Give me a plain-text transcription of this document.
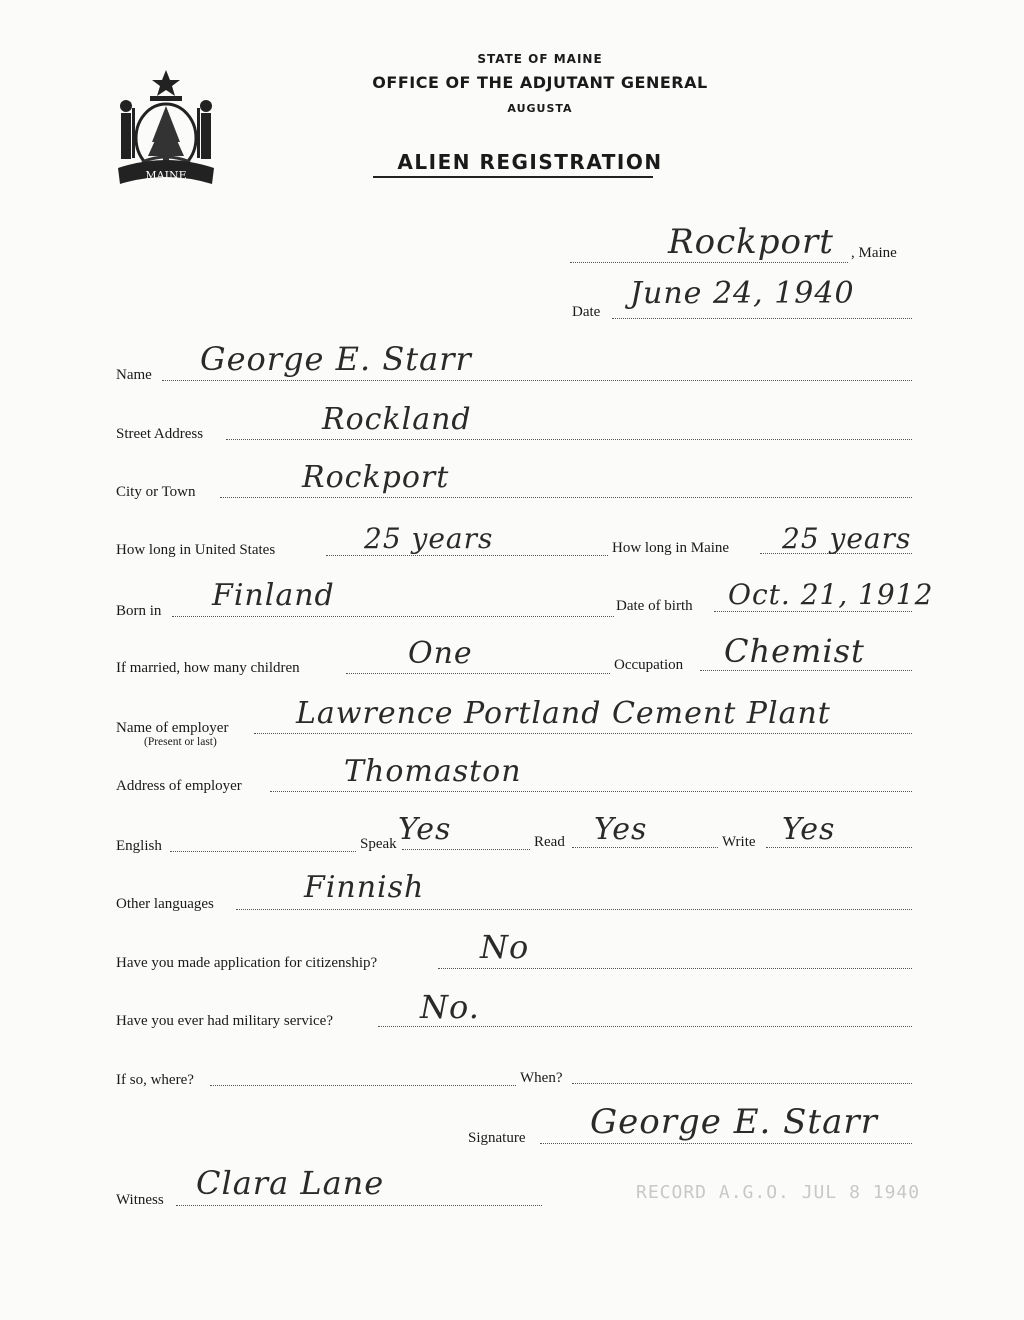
MAINE
STATE OF MAINE
OFFICE OF THE ADJUTANT GENERAL
AUGUSTA
ALIEN REGISTRATION
Rockport , Maine
Date
June 24, 1940
Name George E. Starr
Street Address	Rockland
City or Town	Rockport
How long in United States	25 years	How long in Maine 25 years
Born in Finland	Date of birth Oct. 21, 1912
If married, how many children	One	Occupation Chemist
Name of employer
(Present or last)
Lawrence Portland Cement Plant
Address of employer	Thomaston
English	Speak Yes	Read Yes	Write Yes
Other languages	Finnish
Have you made application for citizenship?	No
Have you ever had military service?	No.
If so, where?	When?
Signature George E. Starr
Witness Clara Lane	RECORD A.G.O. JUL 8 1940
